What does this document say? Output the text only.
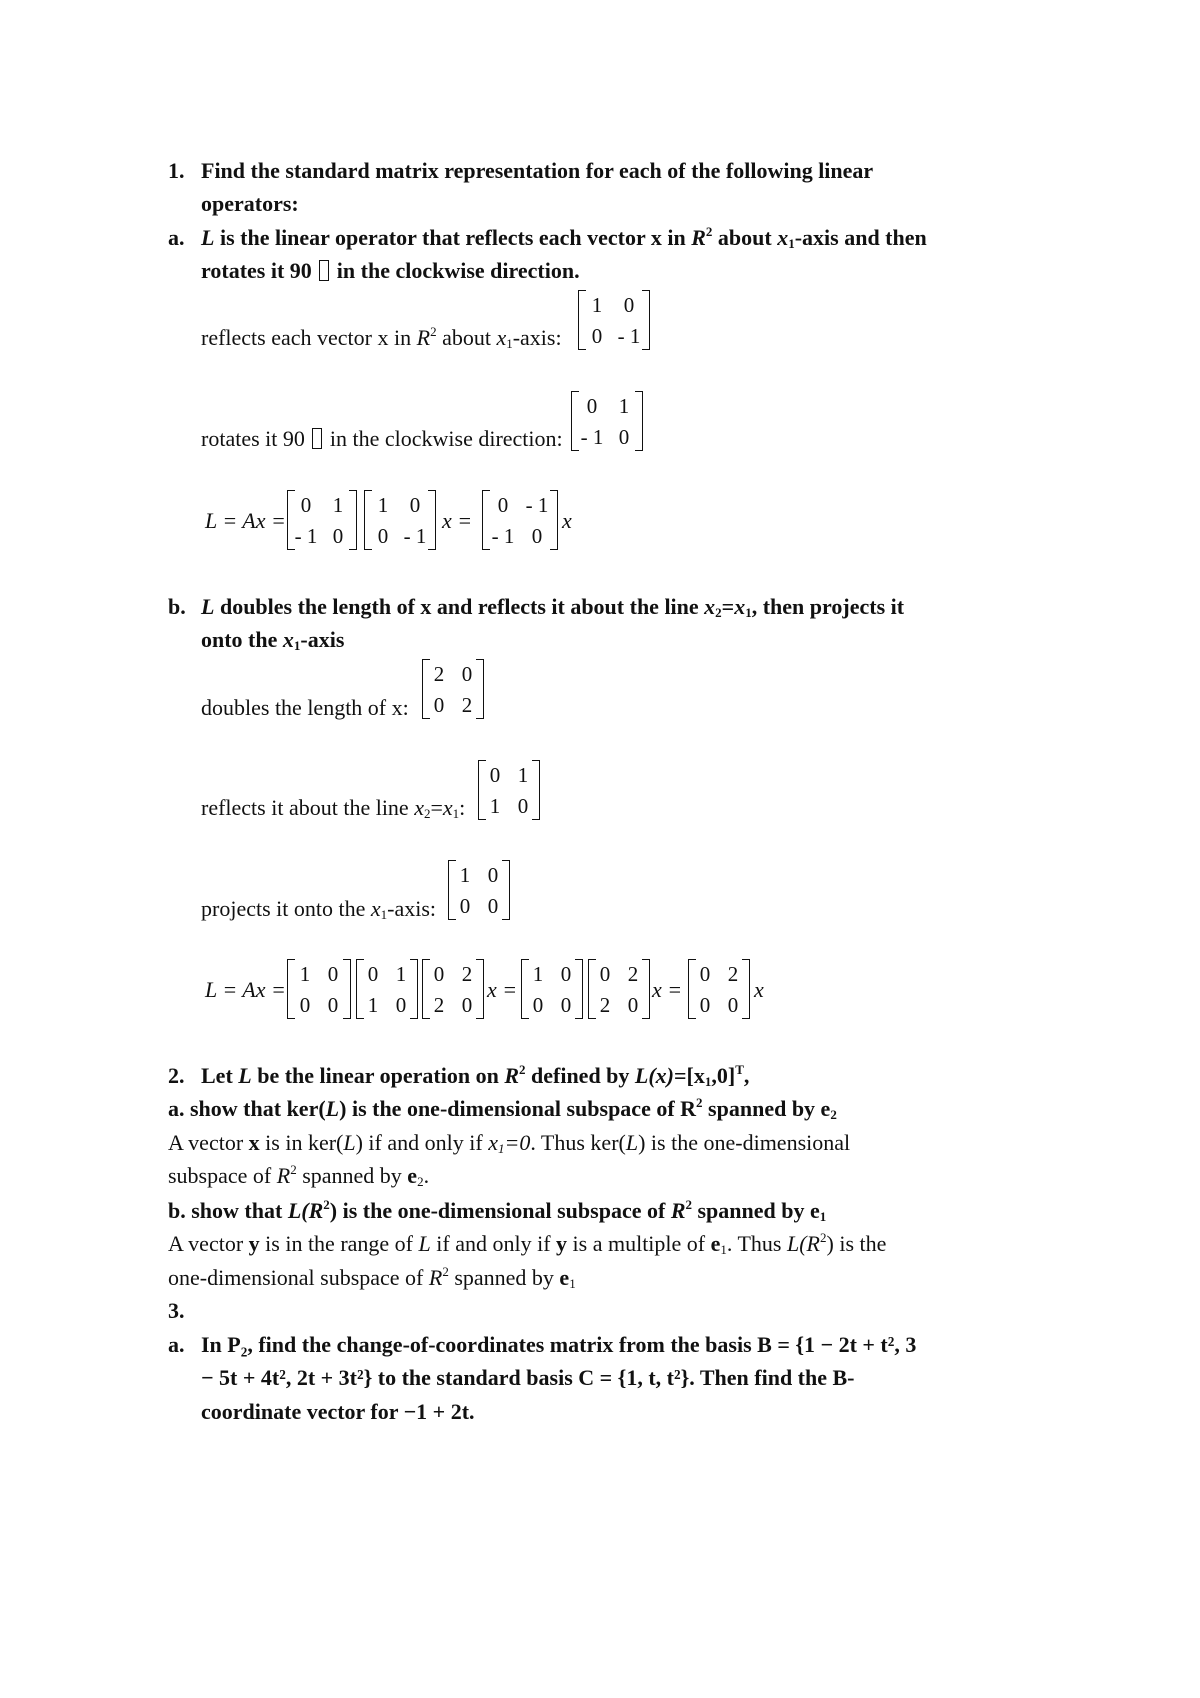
1. Find the standard matrix representation for each of the following linear
operators:
a. L is the linear operator that reflects each vector x in $R^2$ about $x_1$-axis and then
rotates it 90  in the clockwise direction.
reflects each vector x in $R^2$ about $x_1$-axis:
1	0
0 - 1
rotates it 90  in the clockwise direction:
0	1
- 1 0
L = Ax =
0	1
- 1 0
1	0
0 - 1
x =
0 - 1
- 1 0
x
b. L doubles the length of x and reflects it about the line $x_2=x_1$, then projects it
onto the $x_1$-axis
doubles the length of x:
2 0
0 2
reflects it about the line $x_2=x_1$:
0 1
1 0
projects it onto the $x_1$-axis:
1 0
0 0
L = Ax =
1 0
0 0
0 1
1 0
0 2
2 0
x =
1 0
0 0
0 2
2 0
x =
0 2
0 0
x
2. Let L be the linear operation on $R^2$ defined by $L(x)=[x_1,0]^T$,
a. show that ker(L) is the one-dimensional subspace of $R^2$ spanned by $e_2$
A vector x is in ker(L) if and only if $x_1=0$. Thus ker(L) is the one-dimensional
subspace of $R^2$ spanned by $e_2$.
b. show that $L(R^2)$ is the one-dimensional subspace of $R^2$ spanned by $e_1$
A vector y is in the range of L if and only if y is a multiple of $e_1$. Thus $L(R^2)$ is the
one-dimensional subspace of $R^2$ spanned by $e_1$
3.
a. In P₂, find the change-of-coordinates matrix from the basis B = {1 − 2t + t², 3
− 5t + 4t², 2t + 3t²} to the standard basis C = {1, t, t²}. Then find the B-
coordinate vector for −1 + 2t.
